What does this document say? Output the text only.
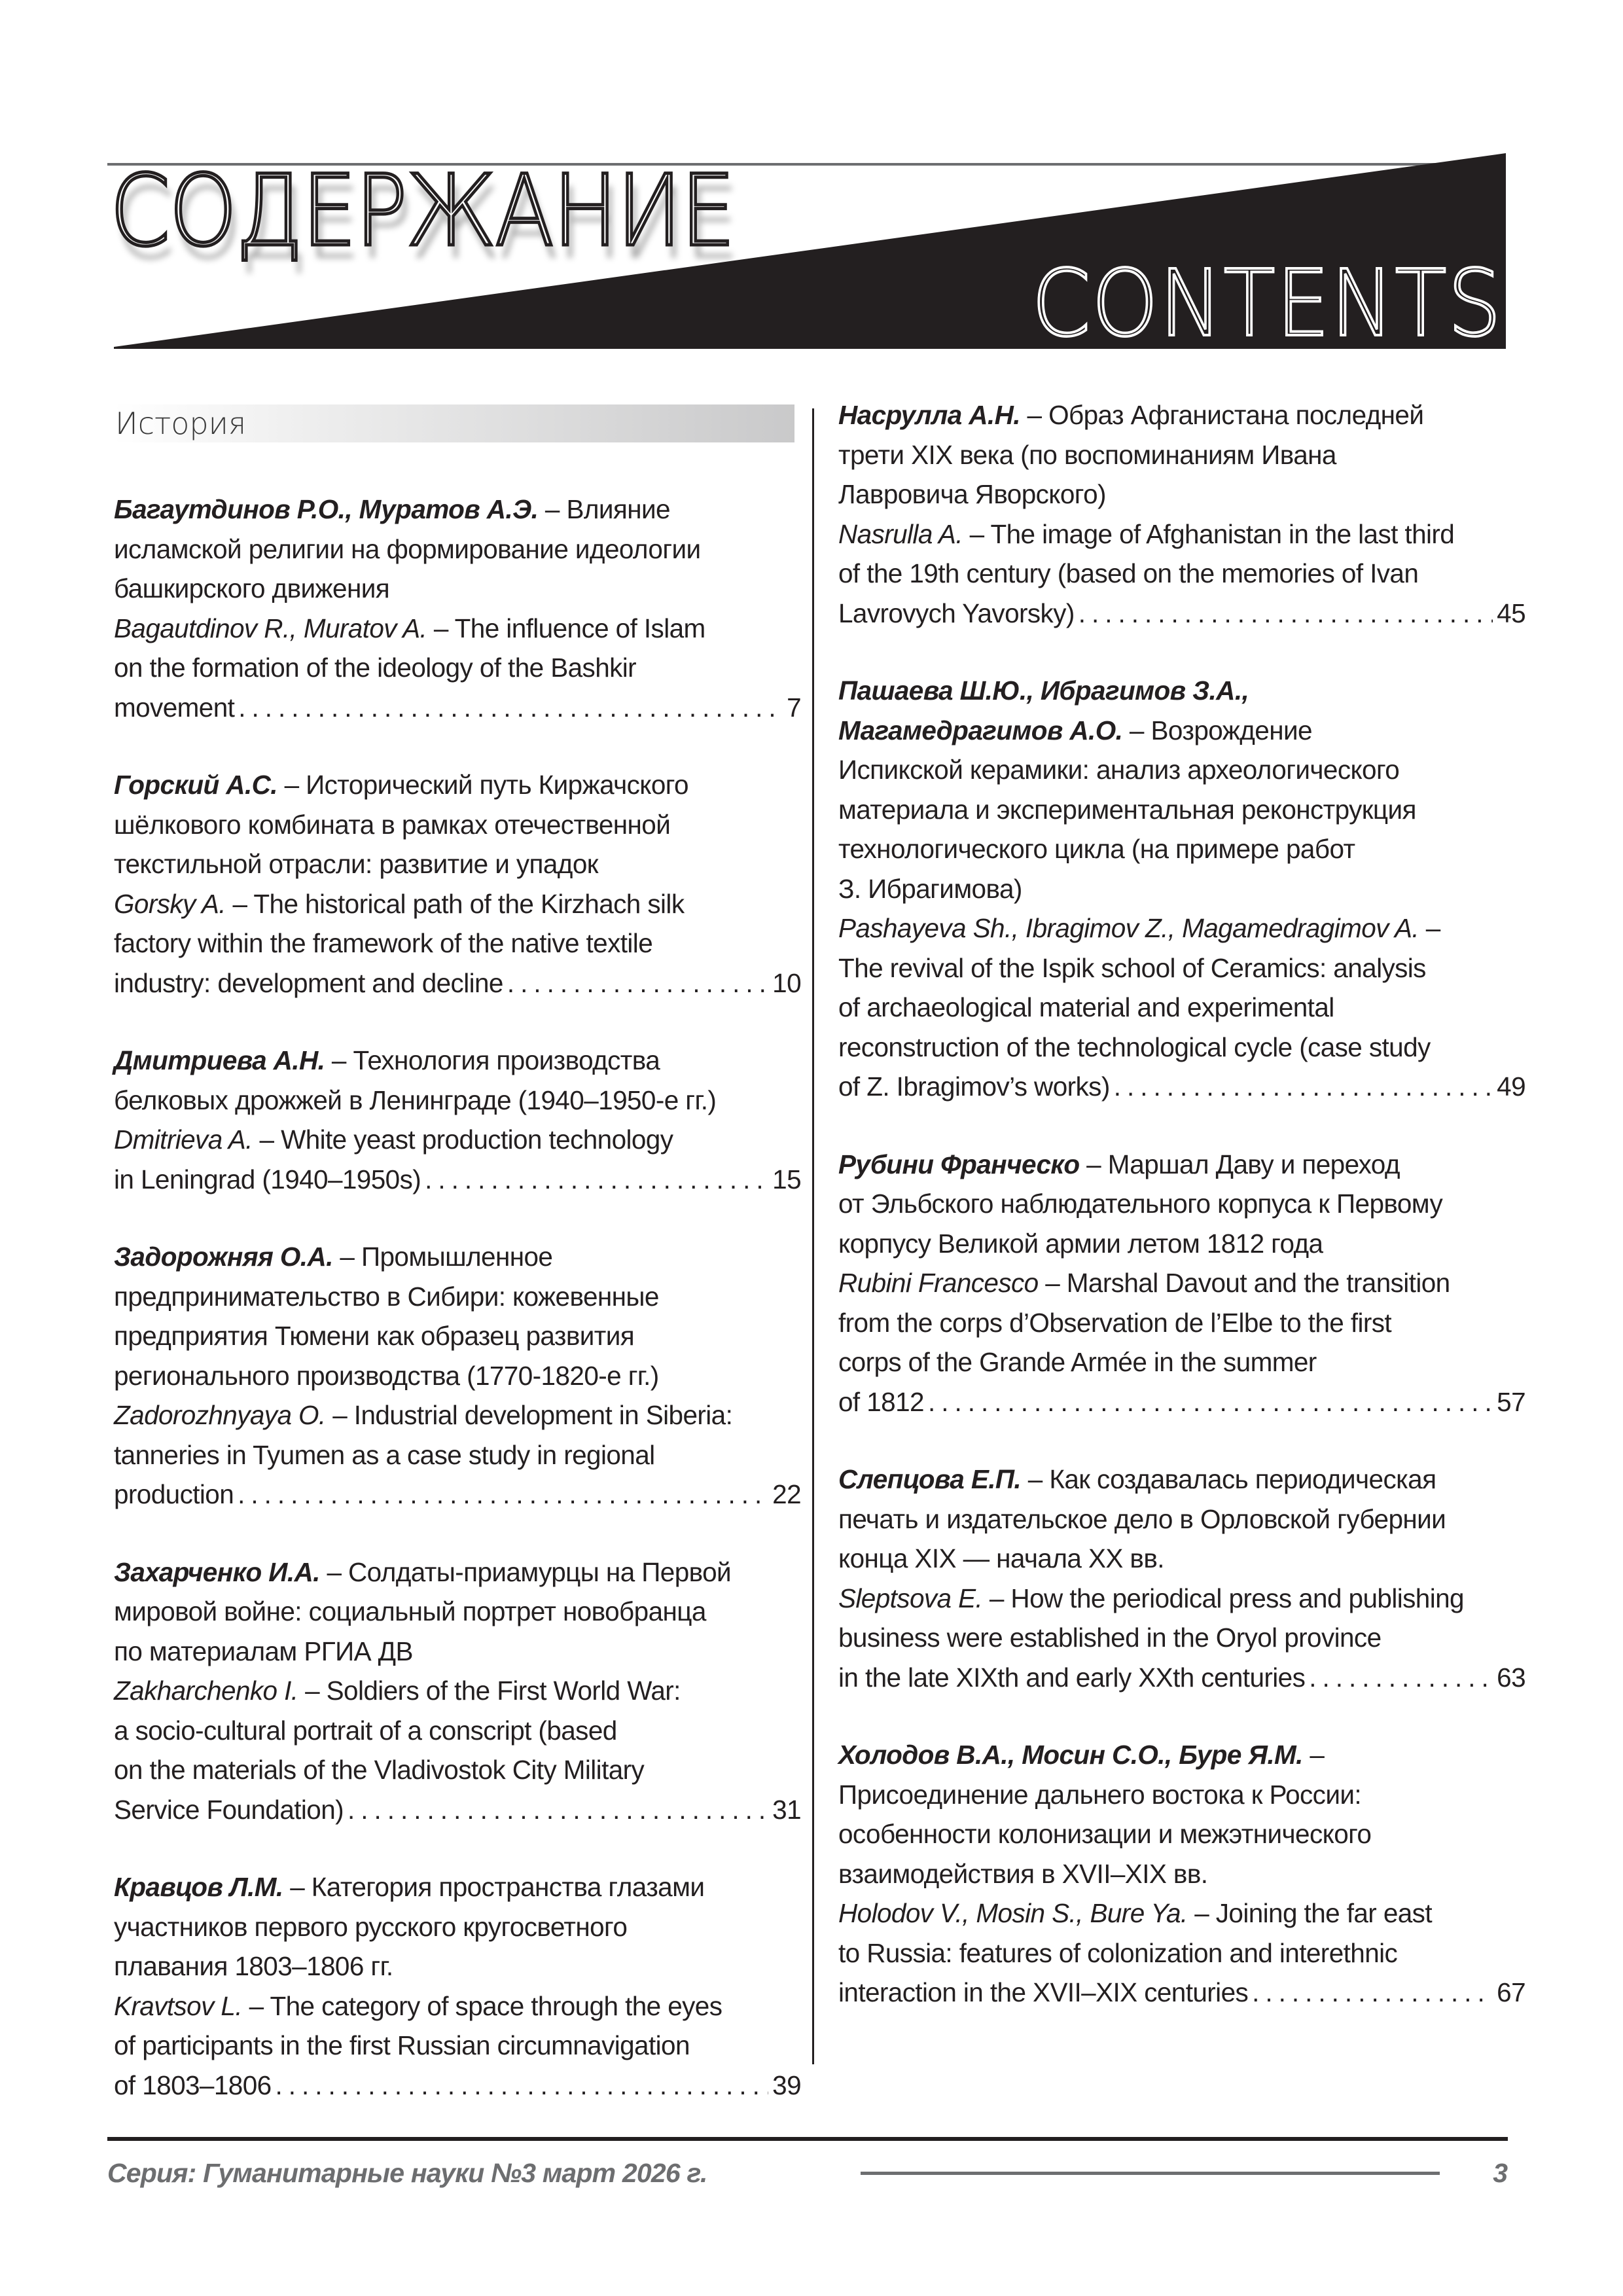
СОДЕРЖАНИЕ
CONTENTS
История
Багаутдинов Р.О., Муратов А.Э. – Влияние
исламской религии на формирование идеологии
башкирского движения
Bagautdinov R., Muratov A. – The influence of Islam
on the formation of the ideology of the Bashkir
movement .....	7
Горский А.С. – Исторический путь Киржачского
шёлкового комбината в рамках отечественной
текстильной отрасли: развитие и упадок
Gorsky A. – The historical path of the Kirzhach silk
factory within the framework of the native textile
industry: development and decline .....	10
Дмитриева А.Н. – Технология производства
белковых дрожжей в Ленинграде (1940–1950-е гг.)
Dmitrieva A. – White yeast production technology
in Leningrad (1940–1950s) .....	15
Задорожняя О.А. – Промышленное
предпринимательство в Сибири: кожевенные
предприятия Тюмени как образец развития
регионального производства (1770-1820-е гг.)
Zadorozhnyaya O. – Industrial development in Siberia:
tanneries in Tyumen as a case study in regional
production .....	22
Захарченко И.А. – Солдаты-приамурцы на Первой
мировой войне: социальный портрет новобранца
по материалам РГИА ДВ
Zakharchenko I. – Soldiers of the First World War:
a socio-cultural portrait of a conscript (based
on the materials of the Vladivostok City Military
Service Foundation) .....	31
Кравцов Л.М. – Категория пространства глазами
участников первого русского кругосветного
плавания 1803–1806 гг.
Kravtsov L. – The category of space through the eyes
of participants in the first Russian circumnavigation
of 1803–1806 .....	39
Насрулла А.Н. – Образ Афганистана последней
трети XIX века (по воспоминаниям Ивана
Лавровича Яворского)
Nasrulla A. – The image of Afghanistan in the last third
of the 19th century (based on the memories of Ivan
Lavrovych Yavorsky) .....	45
Пашаева Ш.Ю., Ибрагимов З.А.,
Магамедрагимов А.О. – Возрождение
Испикской керамики: анализ археологического
материала и экспериментальная реконструкция
технологического цикла (на примере работ
З. Ибрагимова)
Pashayeva Sh., Ibragimov Z., Magamedragimov A. –
The revival of the Ispik school of Ceramics: analysis
of archaeological material and experimental
reconstruction of the technological cycle (case study
of Z. Ibragimov’s works) .....	49
Рубини Франческо – Маршал Даву и переход
от Эльбского наблюдательного корпуса к Первому
корпусу Великой армии летом 1812 года
Rubini Francesco – Marshal Davout and the transition
from the corps d’Observation de l’Elbe to the first
corps of the Grande Armée in the summer
of 1812 .....	57
Слепцова Е.П. – Как создавалась периодическая
печать и издательское дело в Орловской губернии
конца XIX — начала XX вв.
Sleptsova E. – How the periodical press and publishing
business were established in the Oryol province
in the late XIXth and early XXth centuries .....	63
Холодов В.А., Мосин С.О., Буре Я.М. –
Присоединение дальнего востока к России:
особенности колонизации и межэтнического
взаимодействия в XVII–XIX вв.
Holodov V., Mosin S., Bure Ya. – Joining the far east
to Russia: features of colonization and interethnic
interaction in the XVII–XIX centuries .....	67
Серия: Гуманитарные науки №3 март 2026 г.	3
